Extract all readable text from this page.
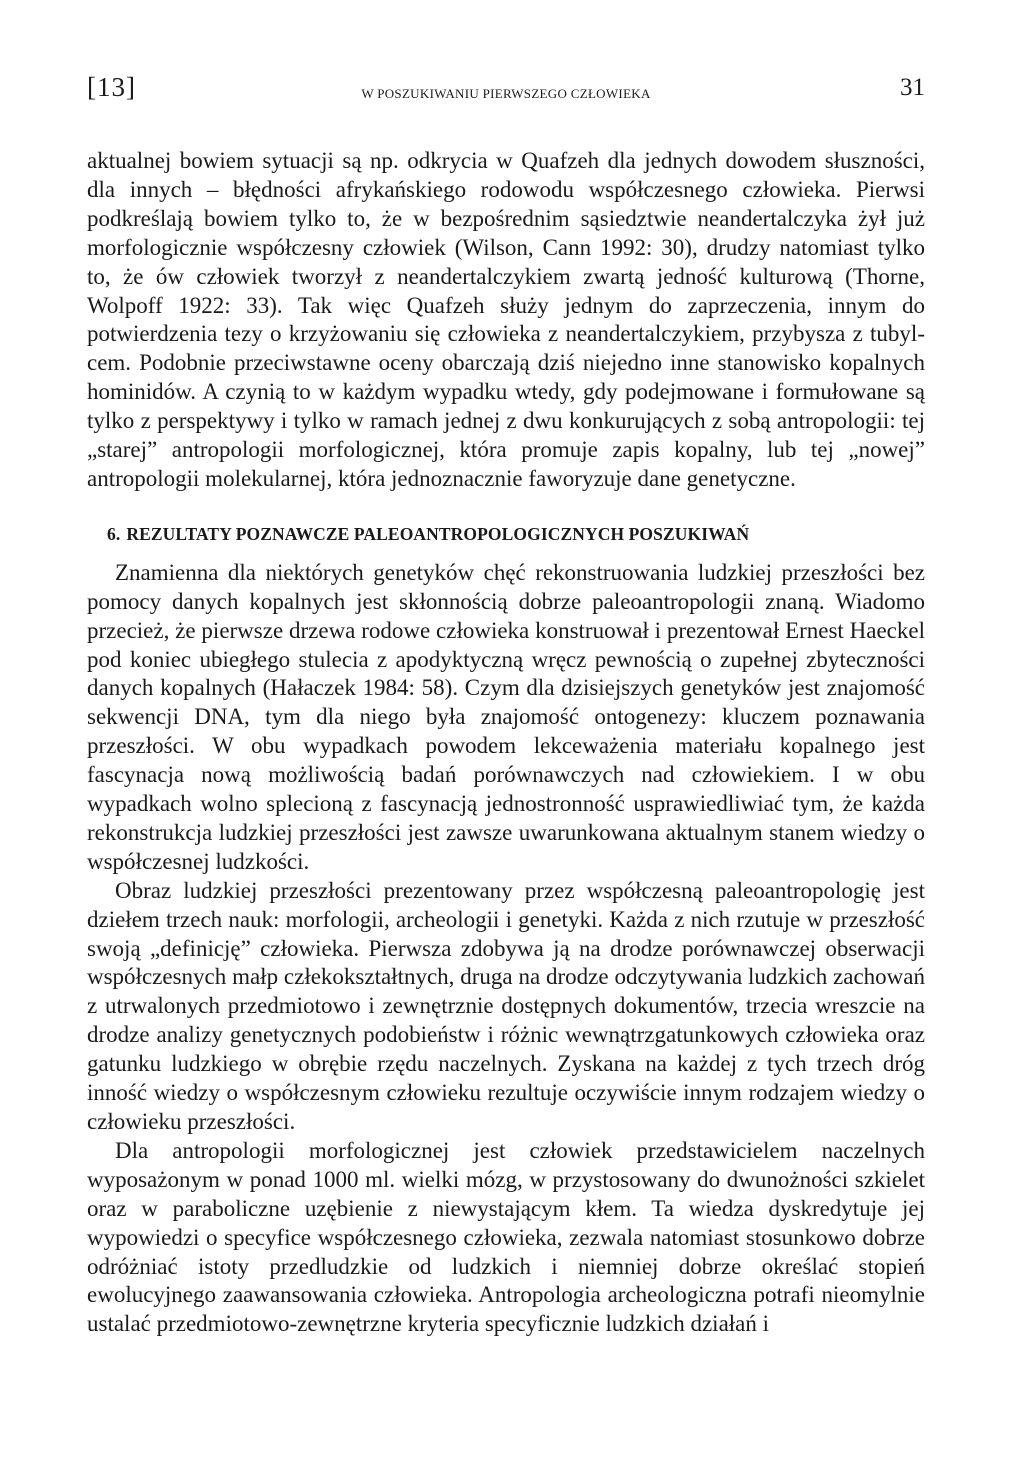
[13]	W POSZUKIWANIU PIERWSZEGO CZŁOWIEKA	31

aktualnej bowiem sytuacji są np. odkrycia w Quafzeh dla jednych dowodem słuszności, dla innych – błędności afrykańskiego rodowodu współczesnego człowieka. Pierwsi podkreślają bowiem tylko to, że w bezpośrednim sąsiedztwie neandertalczyka żył już morfologicznie współczesny człowiek (Wilson, Cann 1992: 30), drudzy natomiast tylko to, że ów człowiek tworzył z neandertalczykiem zwartą jedność kulturową (Thorne, Wolpoff 1922: 33). Tak więc Quafzeh służy jednym do zaprzeczenia, innym do potwierdzenia tezy o krzyżowaniu się człowieka z neandertalczykiem, przybysza z tubylcem. Podobnie przeciwstawne oceny obarczają dziś niejedno inne stanowisko kopalnych hominidów. A czynią to w każdym wypadku wtedy, gdy podejmowane i formułowane są tylko z perspektywy i tylko w ramach jednej z dwu konkurujących z sobą antropologii: tej „starej” antropologii morfologicznej, która promuje zapis kopalny, lub tej „nowej” antropologii molekularnej, która jednoznacznie faworyzuje dane genetyczne.

6. REZULTATY POZNAWCZE PALEOANTROPOLOGICZNYCH POSZUKIWAŃ

Znamienna dla niektórych genetyków chęć rekonstruowania ludzkiej przeszłości bez pomocy danych kopalnych jest skłonnością dobrze paleoantropologii znaną. Wiadomo przecież, że pierwsze drzewa rodowe człowieka konstruował i prezentował Ernest Haeckel pod koniec ubiegłego stulecia z apodyktyczną wręcz pewnością o zupełnej zbyteczności danych kopalnych (Hałaczek 1984: 58). Czym dla dzisiejszych genetyków jest znajomość sekwencji DNA, tym dla niego była znajomość ontogenezy: kluczem poznawania przeszłości. W obu wypadkach powodem lekceważenia materiału kopalnego jest fascynacja nową możliwością badań porównawczych nad człowiekiem. I w obu wypadkach wolno splecioną z fascynacją jednostronność usprawiedliwiać tym, że każda rekonstrukcja ludzkiej przeszłości jest zawsze uwarunkowana aktualnym stanem wiedzy o współczesnej ludzkości.

Obraz ludzkiej przeszłości prezentowany przez współczesną paleoantropologię jest dziełem trzech nauk: morfologii, archeologii i genetyki. Każda z nich rzutuje w przeszłość swoją „definicję” człowieka. Pierwsza zdobywa ją na drodze porównawczej obserwacji współczesnych małp człekokształtnych, druga na drodze odczytywania ludzkich zachowań z utrwalonych przedmiotowo i zewnętrznie dostępnych dokumentów, trzecia wreszcie na drodze analizy genetycznych podobieństw i różnic wewnątrzgatunkowych człowieka oraz gatunku ludzkiego w obrębie rzędu naczelnych. Zyskana na każdej z tych trzech dróg inność wiedzy o współczesnym człowieku rezultuje oczywiście innym rodzajem wiedzy o człowieku przeszłości.

Dla antropologii morfologicznej jest człowiek przedstawicielem naczelnych wyposażonym w ponad 1000 ml. wielki mózg, w przystosowany do dwunożności szkielet oraz w paraboliczne uzębienie z niewystającym kłem. Ta wiedza dyskredytuje jej wypowiedzi o specyfice współczesnego człowieka, zezwala natomiast stosunkowo dobrze odróżniać istoty przedludzkie od ludzkich i niemniej dobrze określać stopień ewolucyjnego zaawansowania człowieka. Antropologia archeologiczna potrafi nieomylnie ustalać przedmiotowo-zewnętrzne kryteria specyficznie ludzkich działań i
